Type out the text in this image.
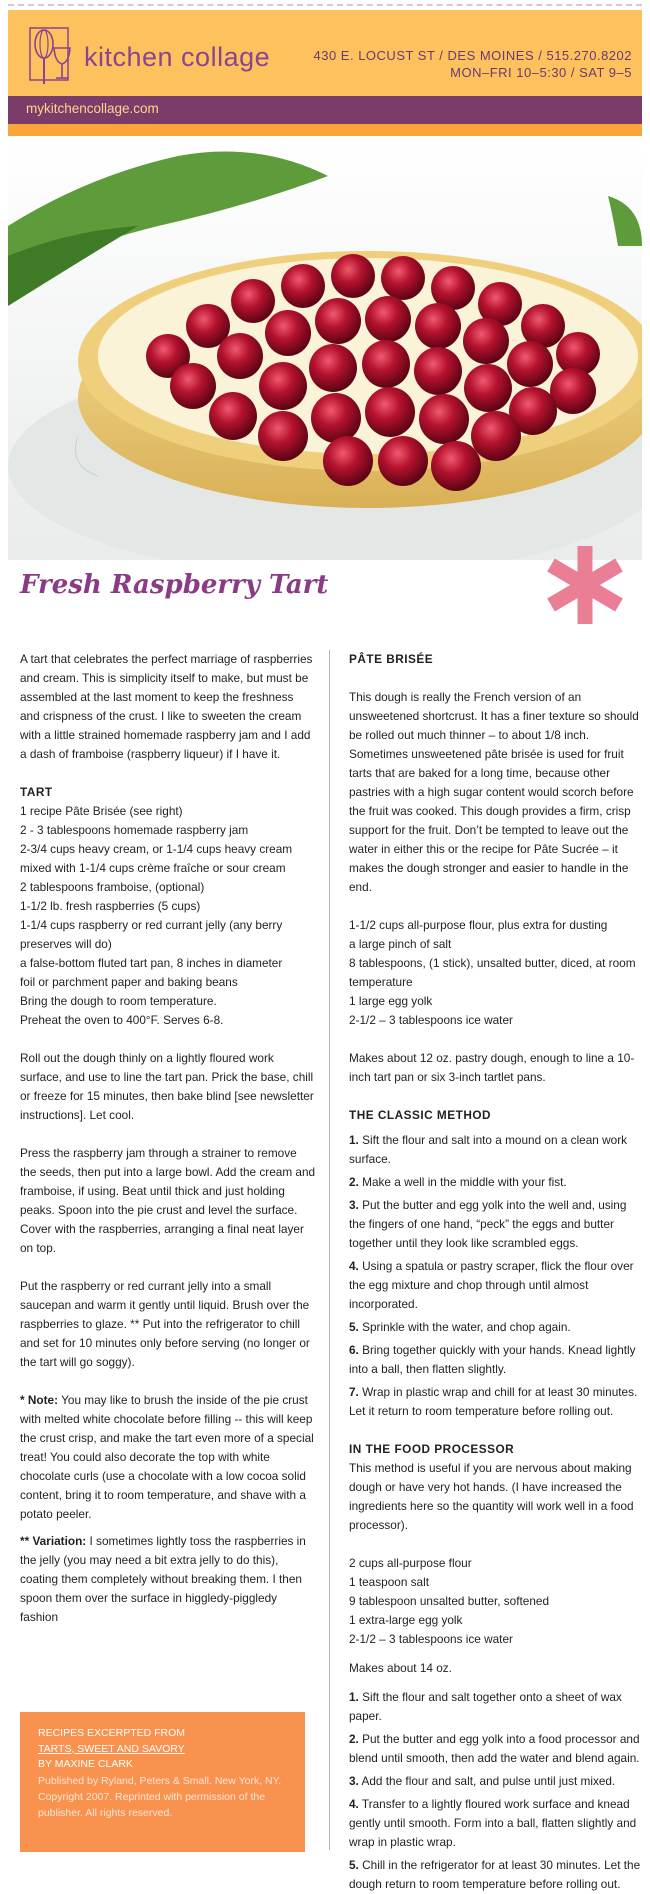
kitchen collage	430 E. LOCUST ST / DES MOINES / 515.270.8202
MON–FRI 10–5:30 / SAT 9–5
mykitchencollage.com
Fresh Raspberry Tart

A tart that celebrates the perfect marriage of raspberries and cream. This is simplicity itself to make, but must be assembled at the last moment to keep the freshness and crispness of the crust. I like to sweeten the cream with a little strained homemade raspberry jam and I add a dash of framboise (raspberry liqueur) if I have it.

TART

1 recipe Pâte Brisée (see right)

2 - 3 tablespoons homemade raspberry jam

2-3/4 cups heavy cream, or 1-1/4 cups heavy cream mixed with 1-1/4 cups crème fraîche or sour cream

2 tablespoons framboise, (optional)

1-1/2 lb. fresh raspberries (5 cups)

1-1/4 cups raspberry or red currant jelly (any berry preserves will do)

a false-bottom fluted tart pan, 8 inches in diameter

foil or parchment paper and baking beans

Bring the dough to room temperature.

Preheat the oven to 400°F. Serves 6-8.

Roll out the dough thinly on a lightly floured work surface, and use to line the tart pan. Prick the base, chill or freeze for 15 minutes, then bake blind [see newsletter instructions]. Let cool.

Press the raspberry jam through a strainer to remove the seeds, then put into a large bowl. Add the cream and framboise, if using. Beat until thick and just holding peaks. Spoon into the pie crust and level the surface. Cover with the raspberries, arranging a final neat layer on top.

Put the raspberry or red currant jelly into a small saucepan and warm it gently until liquid. Brush over the raspberries to glaze. ** Put into the refrigerator to chill and set for 10 minutes only before serving (no longer or the tart will go soggy).

* Note: You may like to brush the inside of the pie crust with melted white chocolate before filling -- this will keep the crust crisp, and make the tart even more of a special treat! You could also decorate the top with white chocolate curls (use a chocolate with a low cocoa solid content, bring it to room temperature, and shave with a potato peeler.

** Variation: I sometimes lightly toss the raspberries in the jelly (you may need a bit extra jelly to do this), coating them completely without breaking them. I then spoon them over the surface in higgledy-piggledy fashion

RECIPES EXCERPTED FROM
TARTS, SWEET AND SAVORY
BY MAXINE CLARK
Published by Ryland, Peters & Small. New York, NY. Copyright 2007. Reprinted with permission of the publisher. All rights reserved.

PÂTE BRISÉE

This dough is really the French version of an unsweetened shortcrust. It has a finer texture so should be rolled out much thinner – to about 1/8 inch. Sometimes unsweetened pâte brisée is used for fruit tarts that are baked for a long time, because other pastries with a high sugar content would scorch before the fruit was cooked. This dough provides a firm, crisp support for the fruit. Don’t be tempted to leave out the water in either this or the recipe for Pâte Sucrée – it makes the dough stronger and easier to handle in the end.

1-1/2 cups all-purpose flour, plus extra for dusting

a large pinch of salt

8 tablespoons, (1 stick), unsalted butter, diced, at room temperature

1 large egg yolk

2-1/2 – 3 tablespoons ice water

Makes about 12 oz. pastry dough, enough to line a 10-inch tart pan or six 3-inch tartlet pans.

THE CLASSIC METHOD

1. Sift the flour and salt into a mound on a clean work surface.

2. Make a well in the middle with your fist.

3. Put the butter and egg yolk into the well and, using the fingers of one hand, “peck” the eggs and butter together until they look like scrambled eggs.

4. Using a spatula or pastry scraper, flick the flour over the egg mixture and chop through until almost incorporated.

5. Sprinkle with the water, and chop again.

6. Bring together quickly with your hands. Knead lightly into a ball, then flatten slightly.

7. Wrap in plastic wrap and chill for at least 30 minutes. Let it return to room temperature before rolling out.

IN THE FOOD PROCESSOR

This method is useful if you are nervous about making dough or have very hot hands. (I have increased the ingredients here so the quantity will work well in a food processor).

2 cups all-purpose flour

1 teaspoon salt

9 tablespoon unsalted butter, softened

1 extra-large egg yolk

2-1/2 – 3 tablespoons ice water

Makes about 14 oz.

1. Sift the flour and salt together onto a sheet of wax paper.

2. Put the butter and egg yolk into a food processor and blend until smooth, then add the water and blend again.

3. Add the flour and salt, and pulse until just mixed.

4. Transfer to a lightly floured work surface and knead gently until smooth. Form into a ball, flatten slightly and wrap in plastic wrap.

5. Chill in the refrigerator for at least 30 minutes. Let the dough return to room temperature before rolling out.
